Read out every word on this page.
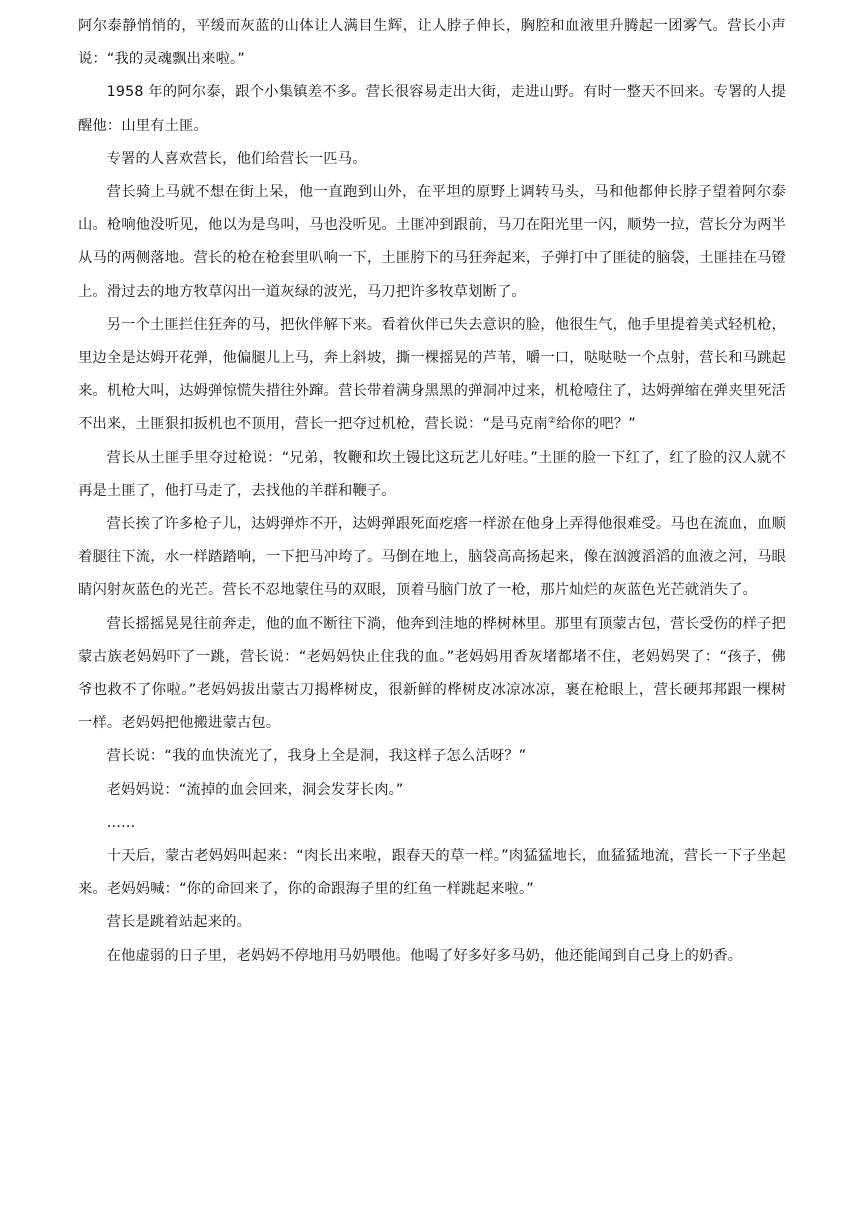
阿尔泰静悄悄的，平缓而灰蓝的山体让人满目生辉，让人脖子伸长，胸腔和血液里升腾起一团雾气。营长小声说：“我的灵魂飘出来啦。”

1958 年的阿尔泰，跟个小集镇差不多。营长很容易走出大街，走进山野。有时一整天不回来。专署的人提醒他：山里有土匪。

专署的人喜欢营长，他们给营长一匹马。

营长骑上马就不想在街上呆，他一直跑到山外，在平坦的原野上调转马头，马和他都伸长脖子望着阿尔泰山。枪响他没听见，他以为是鸟叫，马也没听见。土匪冲到跟前，马刀在阳光里一闪，顺势一拉，营长分为两半从马的两侧落地。营长的枪在枪套里叭响一下，土匪胯下的马狂奔起来，子弹打中了匪徒的脑袋，土匪挂在马镫上。滑过去的地方牧草闪出一道灰绿的波光，马刀把许多牧草划断了。

另一个土匪拦住狂奔的马，把伙伴解下来。看着伙伴已失去意识的脸，他很生气，他手里提着美式轻机枪，里边全是达姆开花弹，他偏腿儿上马，奔上斜坡，撕一棵摇晃的芦苇，嚼一口，哒哒哒一个点射，营长和马跳起来。机枪大叫，达姆弹惊慌失措往外蹿。营长带着满身黑黑的弹洞冲过来，机枪噎住了，达姆弹缩在弹夹里死活不出来，土匪狠扣扳机也不顶用，营长一把夺过机枪，营长说：“是马克南②给你的吧？”

营长从土匪手里夺过枪说：“兄弟，牧鞭和坎土镘比这玩艺儿好哇。”土匪的脸一下红了，红了脸的汉人就不再是土匪了，他打马走了，去找他的羊群和鞭子。

营长挨了许多枪子儿，达姆弹炸不开，达姆弹跟死面疙瘩一样淤在他身上弄得他很难受。马也在流血，血顺着腿往下流，水一样踏踏响，一下把马冲垮了。马倒在地上，脑袋高高扬起来，像在汹渡滔滔的血液之河，马眼睛闪射灰蓝色的光芒。营长不忍地蒙住马的双眼，顶着马脑门放了一枪，那片灿烂的灰蓝色光芒就消失了。

营长摇摇晃晃往前奔走，他的血不断往下淌，他奔到洼地的桦树林里。那里有顶蒙古包，营长受伤的样子把蒙古族老妈妈吓了一跳，营长说：“老妈妈快止住我的血。”老妈妈用香灰堵都堵不住，老妈妈哭了：“孩子，佛爷也救不了你啦。”老妈妈拔出蒙古刀揭桦树皮，很新鲜的桦树皮冰凉冰凉，裹在枪眼上，营长硬邦邦跟一棵树一样。老妈妈把他搬进蒙古包。

营长说：“我的血快流光了，我身上全是洞，我这样子怎么活呀？”

老妈妈说：“流掉的血会回来，洞会发芽长肉。”

……

十天后，蒙古老妈妈叫起来：“肉长出来啦，跟春天的草一样。”肉猛猛地长，血猛猛地流，营长一下子坐起来。老妈妈喊：“你的命回来了，你的命跟海子里的红鱼一样跳起来啦。”

营长是跳着站起来的。

在他虚弱的日子里，老妈妈不停地用马奶喂他。他喝了好多好多马奶，他还能闻到自己身上的奶香。
